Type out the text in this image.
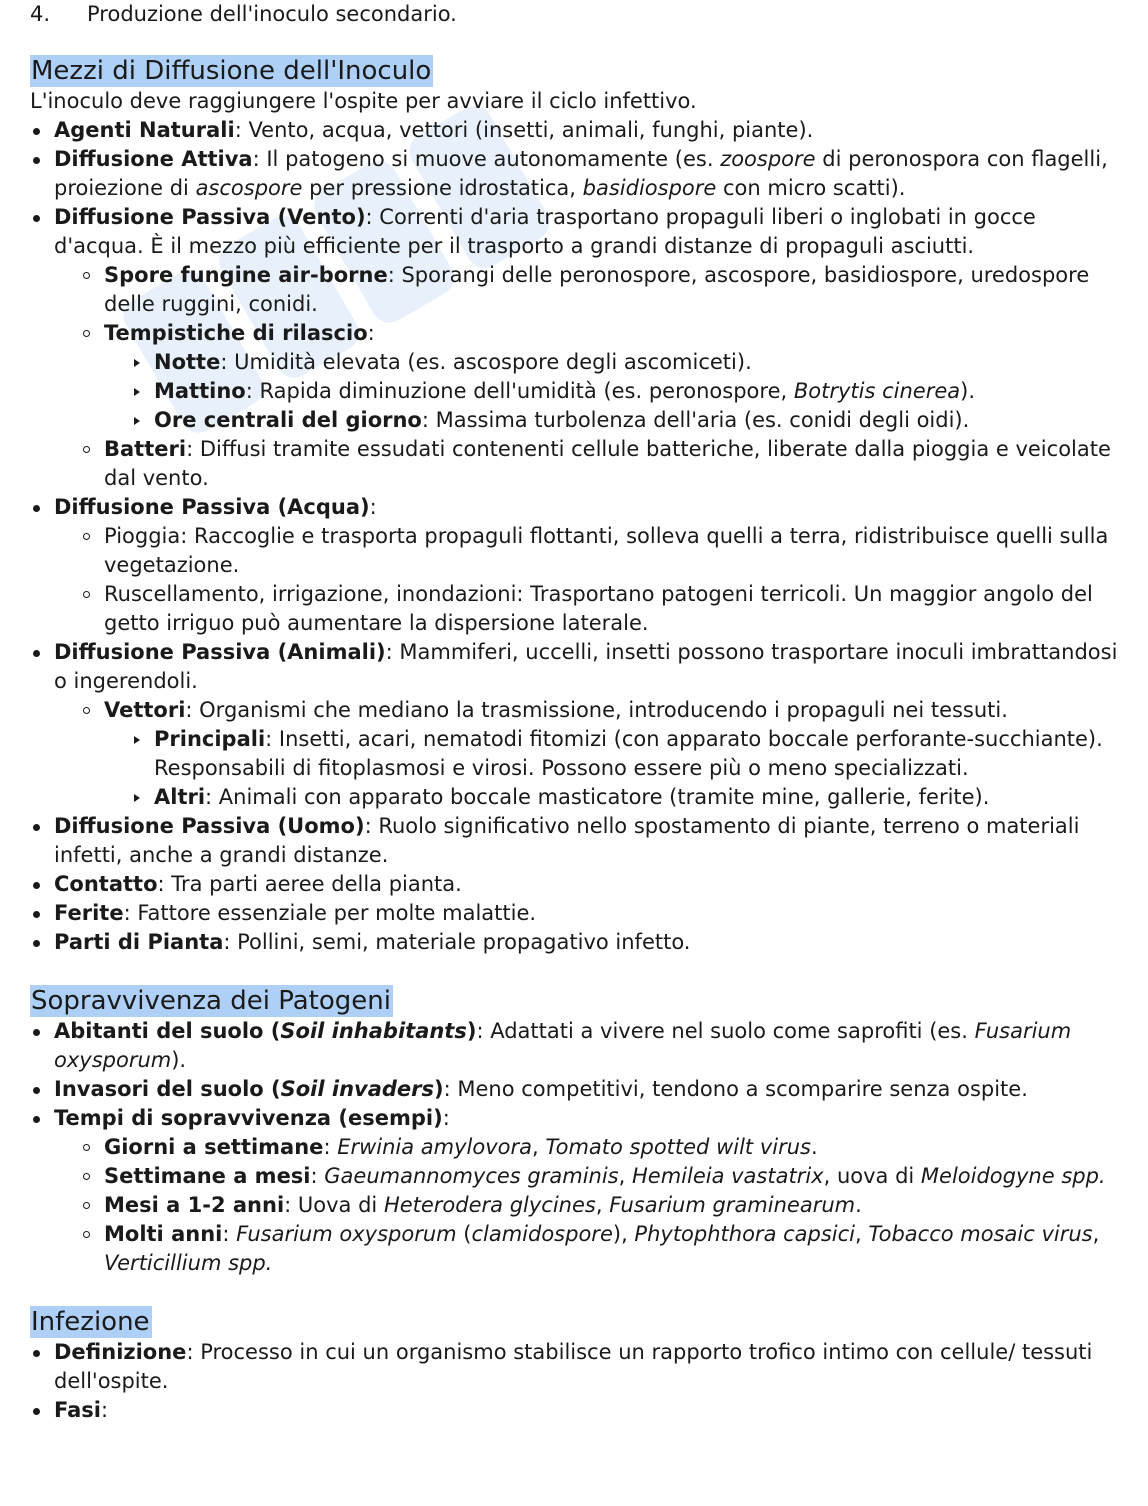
4.	Produzione dell'inoculo secondario.
Mezzi di Diffusione dell'Inoculo

L'inoculo deve raggiungere l'ospite per avviare il ciclo infettivo.

Agenti Naturali: Vento, acqua, vettori (insetti, animali, funghi, piante).
Diffusione Attiva: Il patogeno si muove autonomamente (es. zoospore di peronospora con flagelli, proiezione di ascospore per pressione idrostatica, basidiospore con micro scatti).
Diffusione Passiva (Vento): Correnti d'aria trasportano propaguli liberi o inglobati in gocce d'acqua. È il mezzo più efficiente per il trasporto a grandi distanze di propaguli asciutti.
Spore fungine air-borne: Sporangi delle peronospore, ascospore, basidiospore, uredospore delle ruggini, conidi.
Tempistiche di rilascio:
Notte: Umidità elevata (es. ascospore degli ascomiceti).
Mattino: Rapida diminuzione dell'umidità (es. peronospore, Botrytis cinerea).
Ore centrali del giorno: Massima turbolenza dell'aria (es. conidi degli oidi).
Batteri: Diffusi tramite essudati contenenti cellule batteriche, liberate dalla pioggia e veicolate dal vento.
Diffusione Passiva (Acqua):
Pioggia: Raccoglie e trasporta propaguli flottanti, solleva quelli a terra, ridistribuisce quelli sulla vegetazione.
Ruscellamento, irrigazione, inondazioni: Trasportano patogeni terricoli. Un maggior angolo del getto irriguo può aumentare la dispersione laterale.
Diffusione Passiva (Animali): Mammiferi, uccelli, insetti possono trasportare inoculi imbrattandosi o ingerendoli.
Vettori: Organismi che mediano la trasmissione, introducendo i propaguli nei tessuti.
Principali: Insetti, acari, nematodi fitomizi (con apparato boccale perforante-succhiante). Responsabili di fitoplasmosi e virosi. Possono essere più o meno specializzati.
Altri: Animali con apparato boccale masticatore (tramite mine, gallerie, ferite).
Diffusione Passiva (Uomo): Ruolo significativo nello spostamento di piante, terreno o materiali infetti, anche a grandi distanze.
Contatto: Tra parti aeree della pianta.
Ferite: Fattore essenziale per molte malattie.
Parti di Pianta: Pollini, semi, materiale propagativo infetto.
Sopravvivenza dei Patogeni
Abitanti del suolo (Soil inhabitants): Adattati a vivere nel suolo come saprofiti (es. Fusarium oxysporum).
Invasori del suolo (Soil invaders): Meno competitivi, tendono a scomparire senza ospite.
Tempi di sopravvivenza (esempi):
Giorni a settimane: Erwinia amylovora, Tomato spotted wilt virus.
Settimane a mesi: Gaeumannomyces graminis, Hemileia vastatrix, uova di Meloidogyne spp.
Mesi a 1-2 anni: Uova di Heterodera glycines, Fusarium graminearum.
Molti anni: Fusarium oxysporum (clamidospore), Phytophthora capsici, Tobacco mosaic virus, Verticillium spp.
Infezione
Definizione: Processo in cui un organismo stabilisce un rapporto trofico intimo con cellule/ tessuti dell'ospite.
Fasi:
